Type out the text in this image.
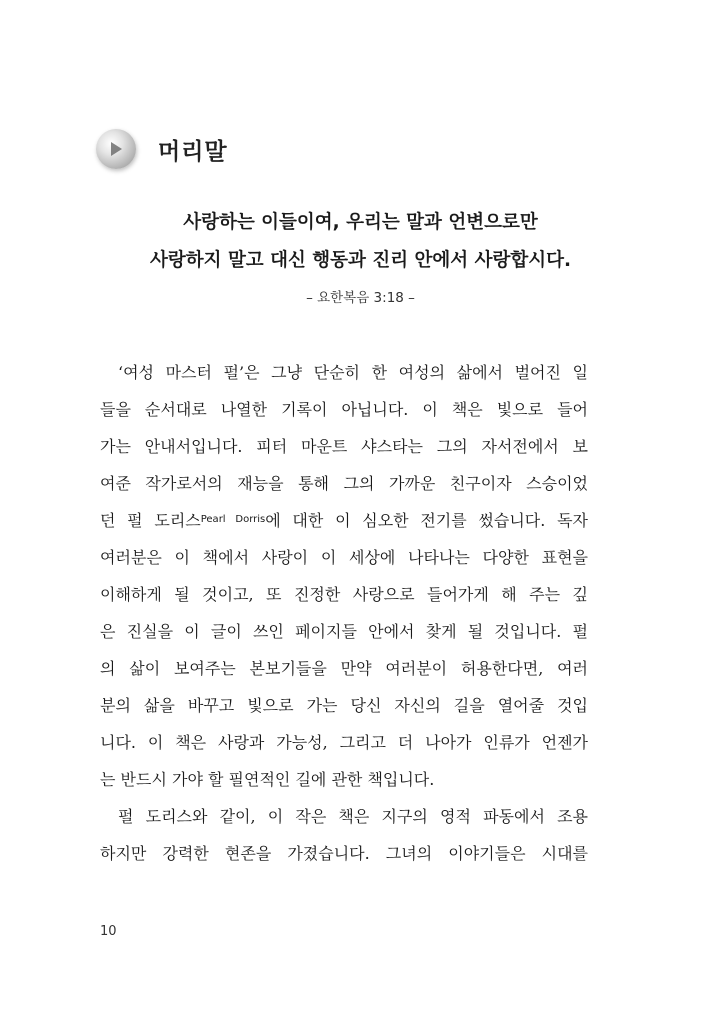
머리말
사랑하는 이들이여, 우리는 말과 언변으로만
사랑하지 말고 대신 행동과 진리 안에서 사랑합시다.
– 요한복음 3:18 –
‘여성 마스터 펄’은 그냥 단순히 한 여성의 삶에서 벌어진 일
들을 순서대로 나열한 기록이 아닙니다. 이 책은 빛으로 들어
가는 안내서입니다. 피터 마운트 샤스타는 그의 자서전에서 보
여준 작가로서의 재능을 통해 그의 가까운 친구이자 스승이었
던 펄 도리스$^{Pearl Dorris}$에 대한 이 심오한 전기를 썼습니다. 독자
여러분은 이 책에서 사랑이 이 세상에 나타나는 다양한 표현을
이해하게 될 것이고, 또 진정한 사랑으로 들어가게 해 주는 깊
은 진실을 이 글이 쓰인 페이지들 안에서 찾게 될 것입니다. 펄
의 삶이 보여주는 본보기들을 만약 여러분이 허용한다면, 여러
분의 삶을 바꾸고 빛으로 가는 당신 자신의 길을 열어줄 것입
니다. 이 책은 사랑과 가능성, 그리고 더 나아가 인류가 언젠가
는 반드시 가야 할 필연적인 길에 관한 책입니다.
펄 도리스와 같이, 이 작은 책은 지구의 영적 파동에서 조용
하지만 강력한 현존을 가졌습니다. 그녀의 이야기들은 시대를
10
